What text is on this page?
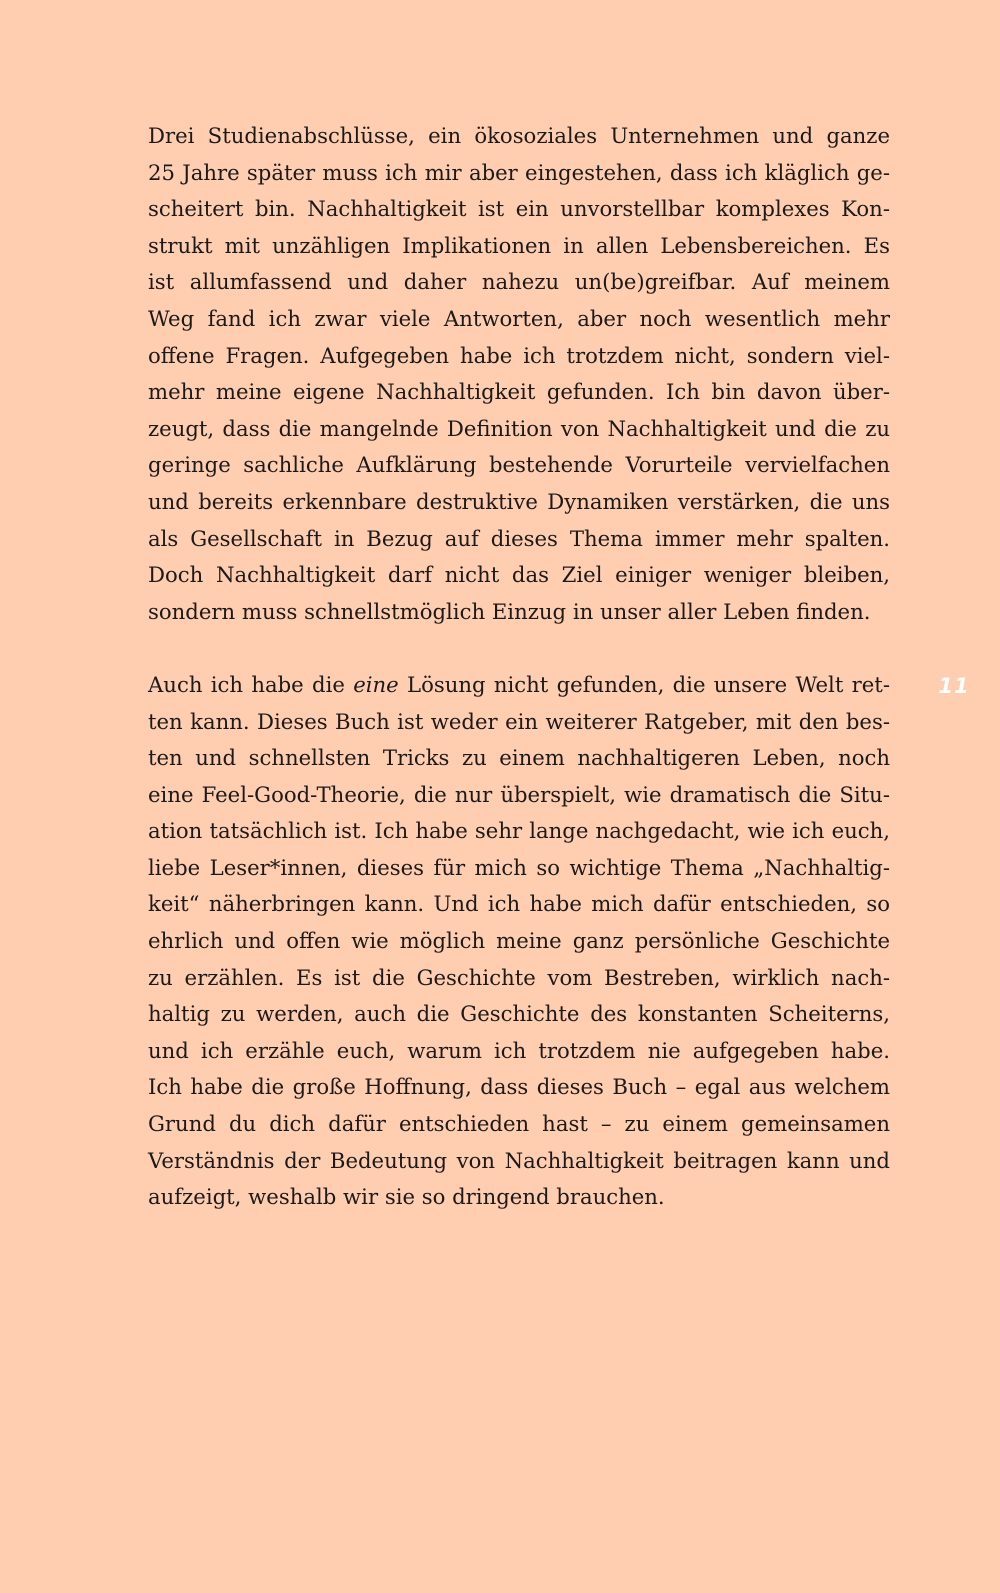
Drei Studienabschlüsse, ein ökosoziales Unternehmen und ganze
25 Jahre später muss ich mir aber eingestehen, dass ich kläglich ge-
scheitert bin. Nachhaltigkeit ist ein unvorstellbar komplexes Kon-
strukt mit unzähligen Implikationen in allen Lebensbereichen. Es
ist allumfassend und daher nahezu un(be)greifbar. Auf meinem
Weg fand ich zwar viele Antworten, aber noch wesentlich mehr
offene Fragen. Aufgegeben habe ich trotzdem nicht, sondern viel-
mehr meine eigene Nachhaltigkeit gefunden. Ich bin davon über-
zeugt, dass die mangelnde Definition von Nachhaltigkeit und die zu
geringe sachliche Aufklärung bestehende Vorurteile vervielfachen
und bereits erkennbare destruktive Dynamiken verstärken, die uns
als Gesellschaft in Bezug auf dieses Thema immer mehr spalten.
Doch Nachhaltigkeit darf nicht das Ziel einiger weniger bleiben,
sondern muss schnellstmöglich Einzug in unser aller Leben finden.

Auch ich habe die eine Lösung nicht gefunden, die unsere Welt ret-
ten kann. Dieses Buch ist weder ein weiterer Ratgeber, mit den bes-
ten und schnellsten Tricks zu einem nachhaltigeren Leben, noch
eine Feel-Good-Theorie, die nur überspielt, wie dramatisch die Situ-
ation tatsächlich ist. Ich habe sehr lange nachgedacht, wie ich euch,
liebe Leser*innen, dieses für mich so wichtige Thema „Nachhaltig-
keit“ näherbringen kann. Und ich habe mich dafür entschieden, so
ehrlich und offen wie möglich meine ganz persönliche Geschichte
zu erzählen. Es ist die Geschichte vom Bestreben, wirklich nach-
haltig zu werden, auch die Geschichte des konstanten Scheiterns,
und ich erzähle euch, warum ich trotzdem nie aufgegeben habe.
Ich habe die große Hoffnung, dass dieses Buch – egal aus welchem
Grund du dich dafür entschieden hast – zu einem gemeinsamen
Verständnis der Bedeutung von Nachhaltigkeit beitragen kann und
aufzeigt, weshalb wir sie so dringend brauchen.

11
